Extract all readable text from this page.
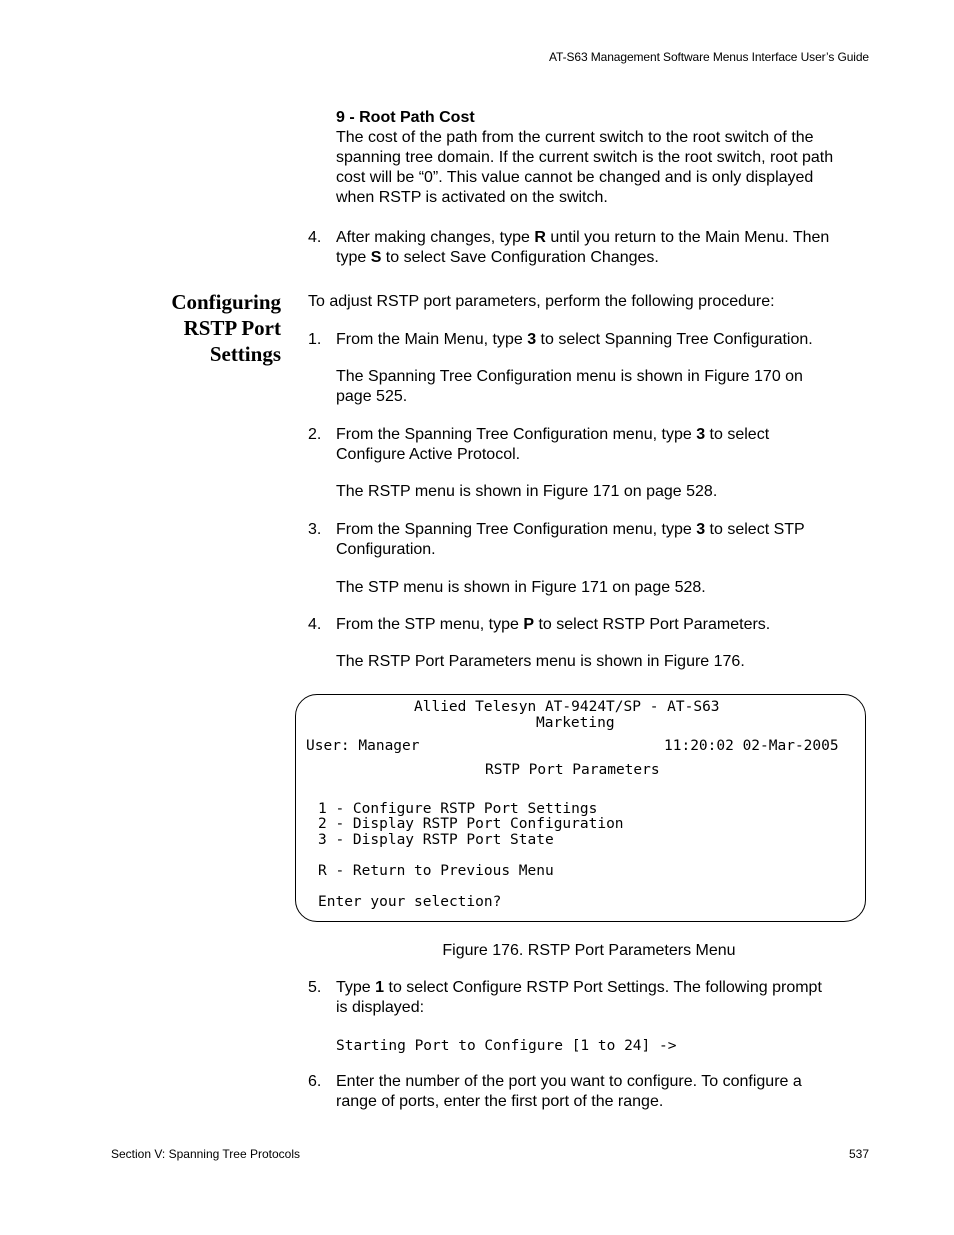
AT-S63 Management Software Menus Interface User’s Guide
9 - Root Path Cost
The cost of the path from the current switch to the root switch of the
spanning tree domain. If the current switch is the root switch, root path
cost will be “0”. This value cannot be changed and is only displayed
when RSTP is activated on the switch.
4. After making changes, type R until you return to the Main Menu. Then
type S to select Save Configuration Changes.
Configuring
RSTP Port
Settings
To adjust RSTP port parameters, perform the following procedure:
1. From the Main Menu, type 3 to select Spanning Tree Configuration.
The Spanning Tree Configuration menu is shown in Figure 170 on
page 525.
2. From the Spanning Tree Configuration menu, type 3 to select
Configure Active Protocol.
The RSTP menu is shown in Figure 171 on page 528.
3. From the Spanning Tree Configuration menu, type 3 to select STP
Configuration.
The STP menu is shown in Figure 171 on page 528.
4. From the STP menu, type P to select RSTP Port Parameters.
The RSTP Port Parameters menu is shown in Figure 176.
Allied Telesyn AT-9424T/SP - AT-S63
Marketing
User: Manager	11:20:02 02-Mar-2005
RSTP Port Parameters
1 - Configure RSTP Port Settings
2 - Display RSTP Port Configuration
3 - Display RSTP Port State
R - Return to Previous Menu
Enter your selection?
Figure 176. RSTP Port Parameters Menu
5. Type 1 to select Configure RSTP Port Settings. The following prompt
is displayed:
Starting Port to Configure [1 to 24] ->
6. Enter the number of the port you want to configure. To configure a
range of ports, enter the first port of the range.
Section V: Spanning Tree Protocols	537
